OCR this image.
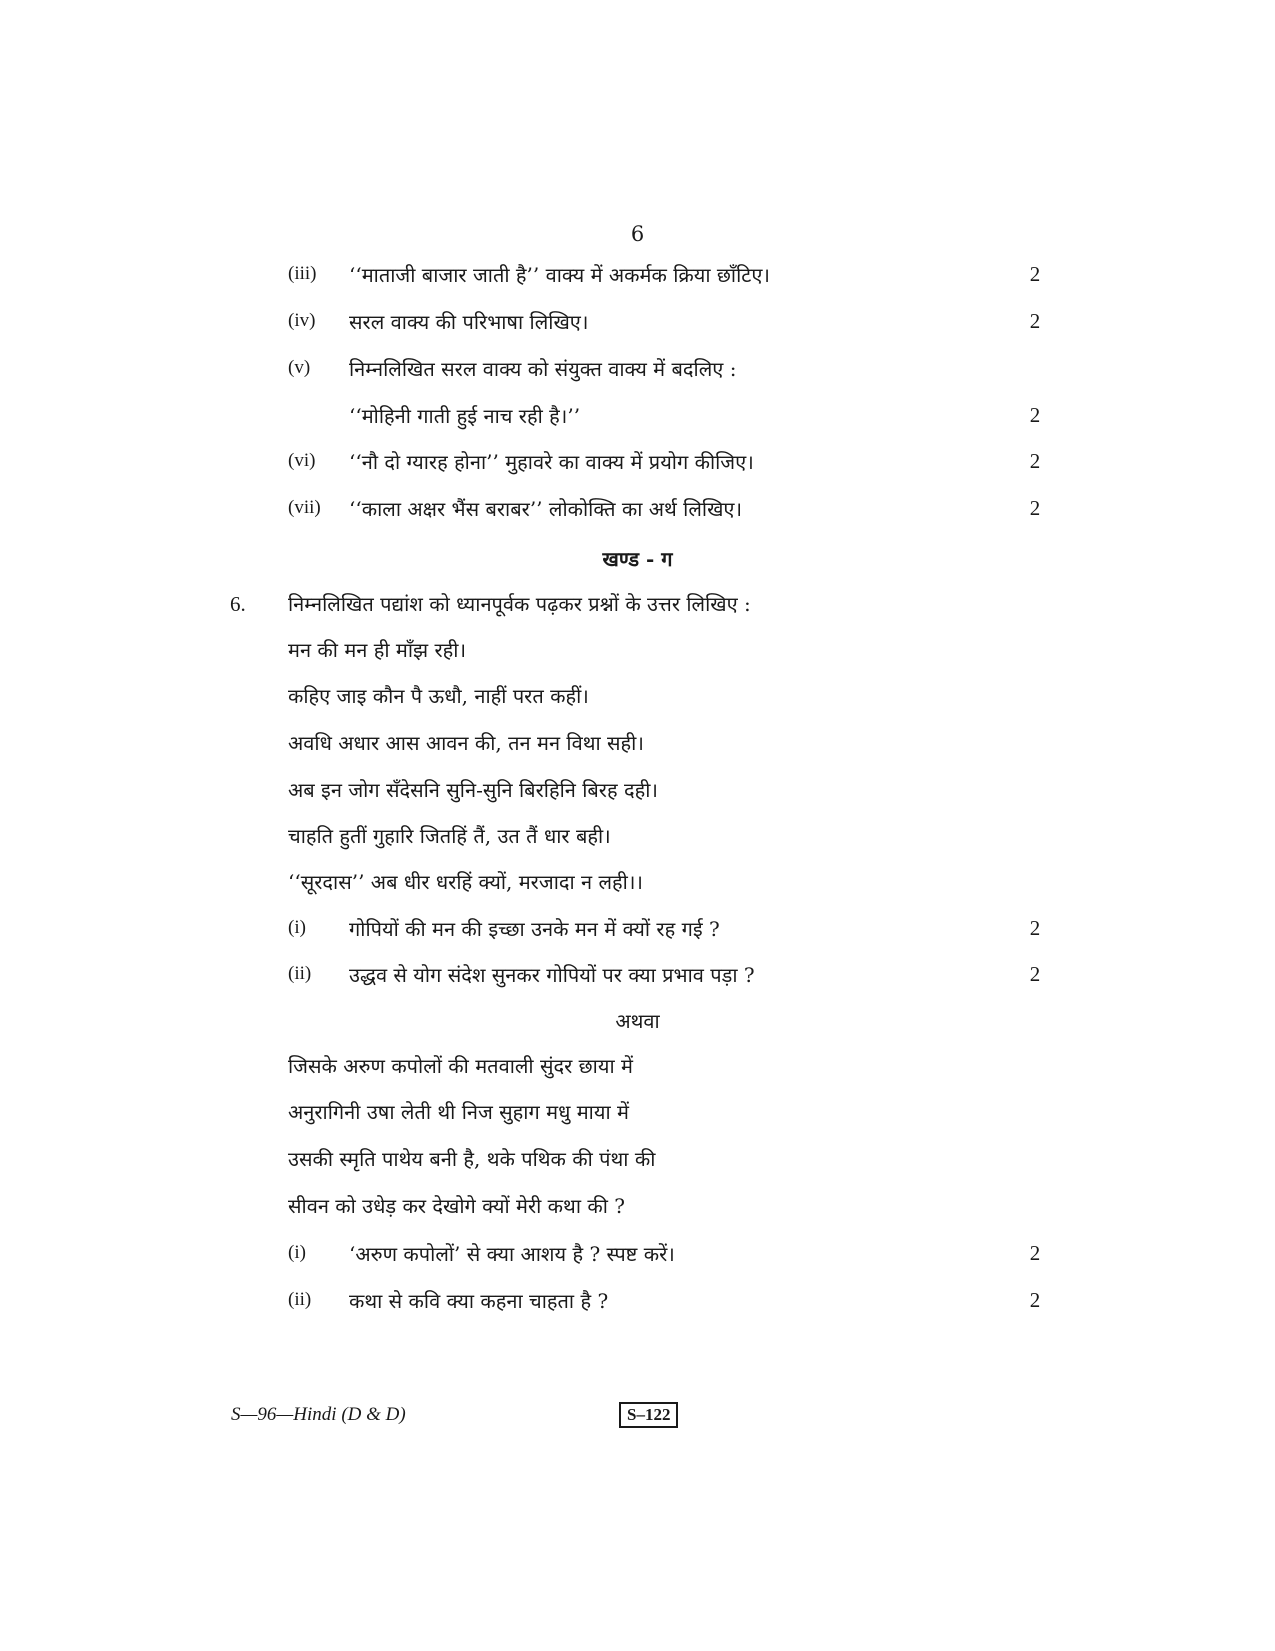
6
(iii) ‘‘माताजी बाजार जाती है’’ वाक्य में अकर्मक क्रिया छाँटिए।	2
(iv) सरल वाक्य की परिभाषा लिखिए।	2
(v) निम्नलिखित सरल वाक्य को संयुक्त वाक्य में बदलिए :
‘‘मोहिनी गाती हुई नाच रही है।’’	2
(vi) ‘‘नौ दो ग्यारह होना’’ मुहावरे का वाक्य में प्रयोग कीजिए।	2
(vii) ‘‘काला अक्षर भैंस बराबर’’ लोकोक्ति का अर्थ लिखिए।	2
खण्ड - ग
6. निम्नलिखित पद्यांश को ध्यानपूर्वक पढ़कर प्रश्नों के उत्तर लिखिए :
मन की मन ही माँझ रही।
कहिए जाइ कौन पै ऊधौ, नाहीं परत कहीं।
अवधि अधार आस आवन की, तन मन विथा सही।
अब इन जोग सँदेसनि सुनि-सुनि बिरहिनि बिरह दही।
चाहति हुतीं गुहारि जितहिं तैं, उत तैं धार बही।
‘‘सूरदास’’ अब धीर धरहिं क्यों, मरजादा न लही।।
(i) गोपियों की मन की इच्छा उनके मन में क्यों रह गई ?	2
(ii) उद्धव से योग संदेश सुनकर गोपियों पर क्या प्रभाव पड़ा ?	2
अथवा
जिसके अरुण कपोलों की मतवाली सुंदर छाया में
अनुरागिनी उषा लेती थी निज सुहाग मधु माया में
उसकी स्मृति पाथेय बनी है, थके पथिक की पंथा की
सीवन को उधेड़ कर देखोगे क्यों मेरी कथा की ?
(i) ‘अरुण कपोलों’ से क्या आशय है ? स्पष्ट करें।	2
(ii) कथा से कवि क्या कहना चाहता है ?	2
S—96—Hindi (D & D)	S–122
